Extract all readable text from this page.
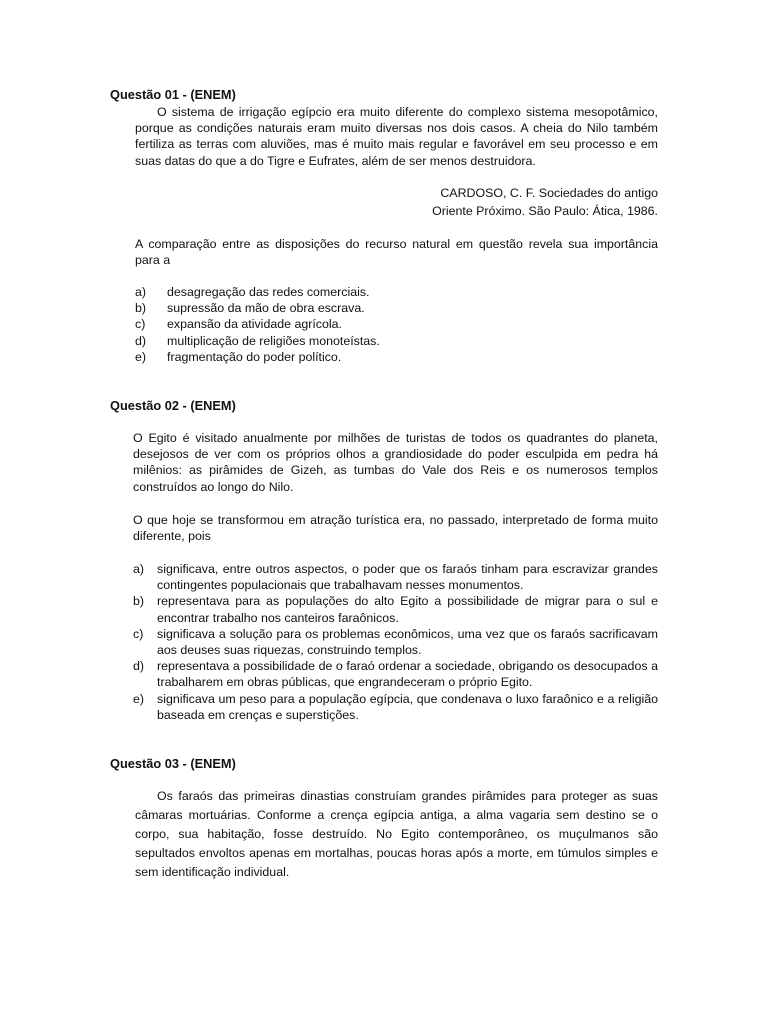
Questão 01 - (ENEM)

O sistema de irrigação egípcio era muito diferente do complexo sistema mesopotâmico, porque as condições naturais eram muito diversas nos dois casos. A cheia do Nilo também fertiliza as terras com aluviões, mas é muito mais regular e favorável em seu processo e em suas datas do que a do Tigre e Eufrates, além de ser menos destruidora.

CARDOSO, C. F. Sociedades do antigo

Oriente Próximo. São Paulo: Ática, 1986.

A comparação entre as disposições do recurso natural em questão revela sua importância para a

a) desagregação das redes comerciais.
b) supressão da mão de obra escrava.
c) expansão da atividade agrícola.
d) multiplicação de religiões monoteístas.
e) fragmentação do poder político.
Questão 02 - (ENEM)

O Egito é visitado anualmente por milhões de turistas de todos os quadrantes do planeta, desejosos de ver com os próprios olhos a grandiosidade do poder esculpida em pedra há milênios: as pirâmides de Gizeh, as tumbas do Vale dos Reis e os numerosos templos construídos ao longo do Nilo.

O que hoje se transformou em atração turística era, no passado, interpretado de forma muito diferente, pois

a) significava, entre outros aspectos, o poder que os faraós tinham para escravizar grandes contingentes populacionais que trabalhavam nesses monumentos.
b) representava para as populações do alto Egito a possibilidade de migrar para o sul e encontrar trabalho nos canteiros faraônicos.
c) significava a solução para os problemas econômicos, uma vez que os faraós sacrificavam aos deuses suas riquezas, construindo templos.
d) representava a possibilidade de o faraó ordenar a sociedade, obrigando os desocupados a trabalharem em obras públicas, que engrandeceram o próprio Egito.
e) significava um peso para a população egípcia, que condenava o luxo faraônico e a religião baseada em crenças e superstições.
Questão 03 - (ENEM)

Os faraós das primeiras dinastias construíam grandes pirâmides para proteger as suas câmaras mortuárias. Conforme a crença egípcia antiga, a alma vagaria sem destino se o corpo, sua habitação, fosse destruído. No Egito contemporâneo, os muçulmanos são sepultados envoltos apenas em mortalhas, poucas horas após a morte, em túmulos simples e sem identificação individual.
